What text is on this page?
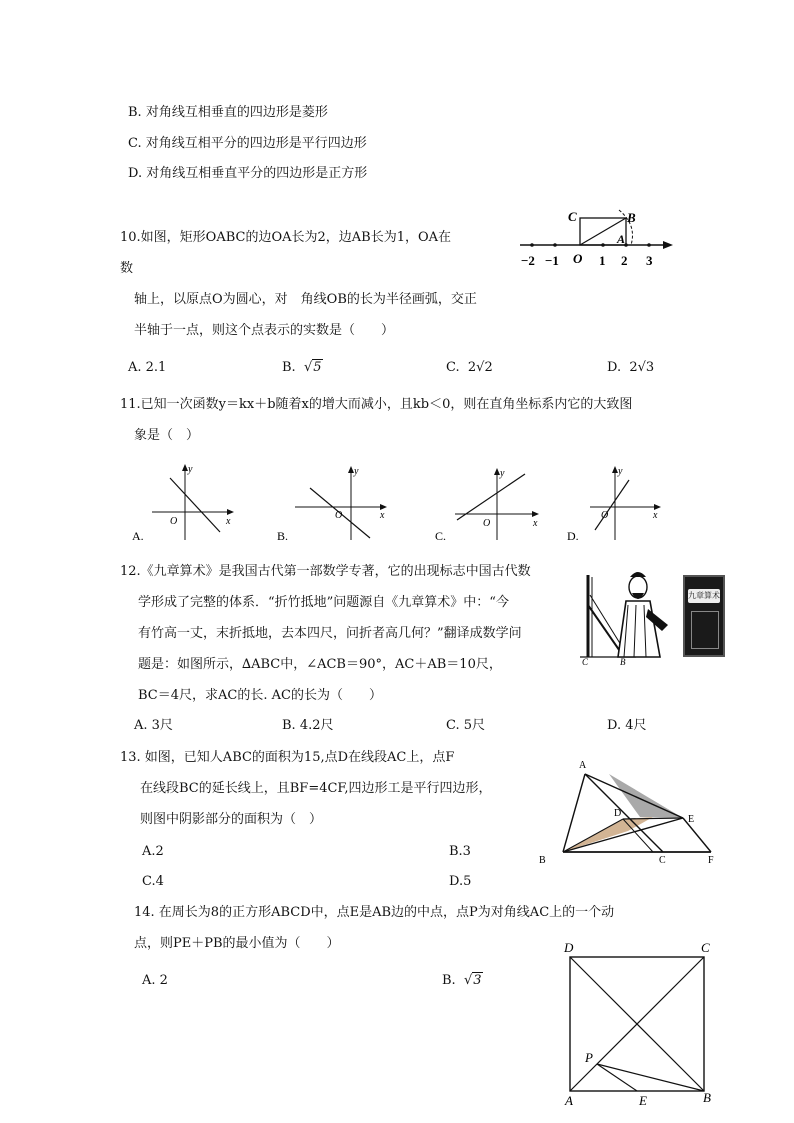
B. 对角线互相垂直的四边形是菱形
C. 对角线互相平分的四边形是平行四边形
D. 对角线互相垂直平分的四边形是正方形
10.如图，矩形OABC的边OA长为2，边AB长为1，OA在
数
轴上，以原点O为圆心，对　角线OB的长为半径画弧，交正
半轴于一点，则这个点表示的实数是（　　）
A. 2.1	B.  √5	C. 2√2	D. 2√3
−2 −1 O 1 2 3
C	B
A
11.已知一次函数y＝kx＋b随着x的增大而减小，且kb＜0，则在直角坐标系内它的大致图
象是（　）
x
y
O
A.
x
y
O
B.
x
y
O
C.
x
y
O
D.
12.《九章算术》是我国古代第一部数学专著，它的出现标志中国古代数
学形成了完整的体系．“折竹抵地”问题源自《九章算术》中：“今
有竹高一丈，末折抵地，去本四尺，问折者高几何？”翻译成数学问
题是：如图所示，∆ABC中，∠ACB＝90°，AC＋AB＝10尺，
BC＝4尺，求AC的长. AC的长为（　　）
A. 3尺	B. 4.2尺	C. 5尺	D. 4尺
C	B
九章算术
13. 如图，已知人ABC的面积为15,点D在线段AC上，点F
在线段BC的延长线上，且BF=4CF,四边形工是平行四边形，
则图中阴影部分的面积为（　）
A.2	B.3
C.4	D.5
A
D
E
B	C	F
14. 在周长为8的正方形ABCD中，点E是AB边的中点，点P为对角线AC上的一个动
点，则PE＋PB的最小值为（　　）
A. 2	B.  √3
D	C
P
A	E	B
